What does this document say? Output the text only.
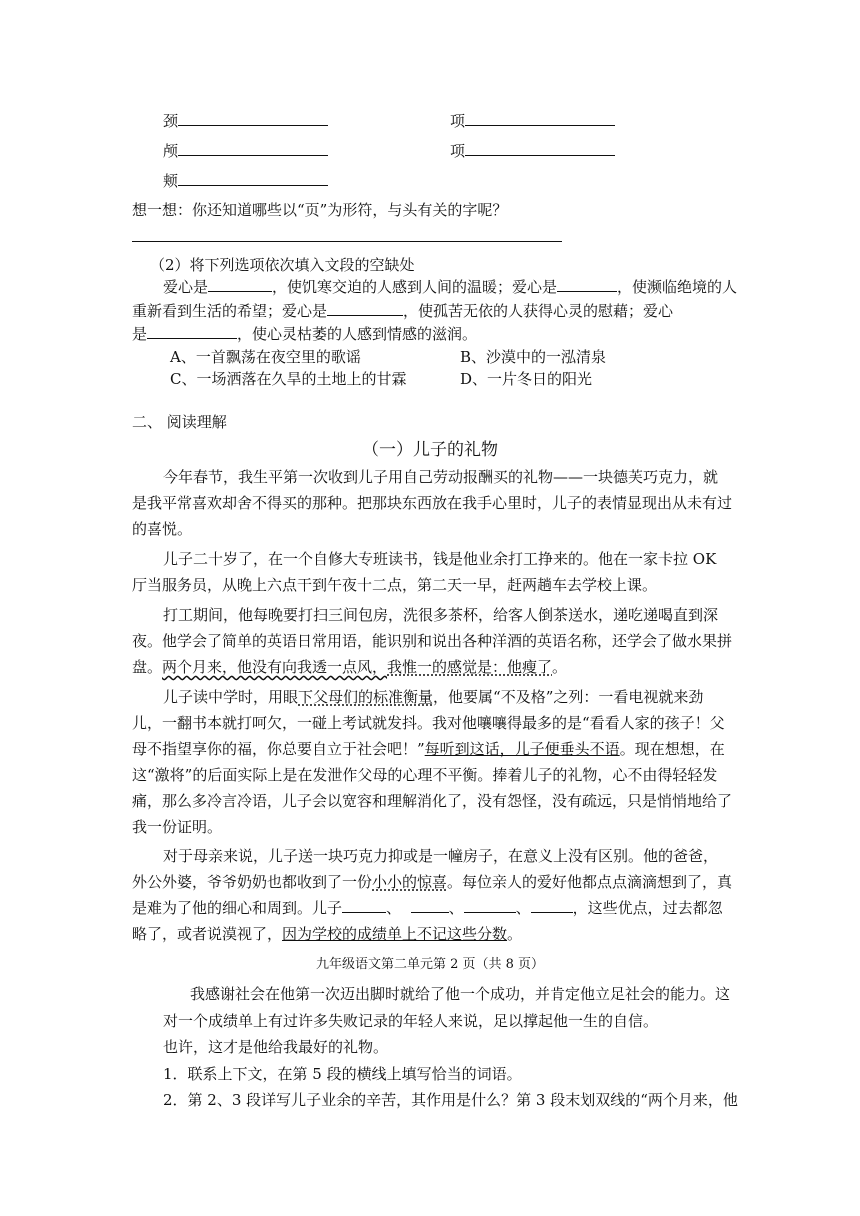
颈	项
颅	项
颊
想一想：你还知道哪些以“页”为形符，与头有关的字呢？
（2）将下列选项依次填入文段的空缺处
爱心是	，使饥寒交迫的人感到人间的温暖；爱心是	，使濒临绝境的人
重新看到生活的希望；爱心是	，使孤苦无依的人获得心灵的慰藉；爱心
是	，使心灵枯萎的人感到情感的滋润。
A、一首飘荡在夜空里的歌谣	B、沙漠中的一泓清泉
C、一场洒落在久旱的土地上的甘霖	D、一片冬日的阳光
二、 阅读理解
（一）儿子的礼物
今年春节，我生平第一次收到儿子用自己劳动报酬买的礼物——一块德芙巧克力，就
是我平常喜欢却舍不得买的那种。把那块东西放在我手心里时，儿子的表情显现出从未有过
的喜悦。
儿子二十岁了，在一个自修大专班读书，钱是他业余打工挣来的。他在一家卡拉 OK
厅当服务员，从晚上六点干到午夜十二点，第二天一早，赶两趟车去学校上课。
打工期间，他每晚要打扫三间包房，洗很多茶杯，给客人倒茶送水，递吃递喝直到深
夜。他学会了简单的英语日常用语，能识别和说出各种洋酒的英语名称，还学会了做水果拼
盘。两个月来，他没有向我透一点风，我惟一的感觉是：他瘦了。
儿子读中学时，用眼下父母们的标准衡量，他要属“不及格”之列：一看电视就来劲
儿，一翻书本就打呵欠，一碰上考试就发抖。我对他嚷嚷得最多的是“看看人家的孩子！父
母不指望享你的福，你总要自立于社会吧！”每听到这话，儿子便垂头不语。现在想想，在
这“激将”的后面实际上是在发泄作父母的心理不平衡。捧着儿子的礼物，心不由得轻轻发
痛，那么多冷言冷语，儿子会以宽容和理解消化了，没有怨怪，没有疏远，只是悄悄地给了
我一份证明。
对于母亲来说，儿子送一块巧克力抑或是一幢房子，在意义上没有区别。他的爸爸，
外公外婆，爷爷奶奶也都收到了一份小小的惊喜。每位亲人的爱好他都点点滴滴想到了，真
是难为了他的细心和周到。儿子	、	、	、	，这些优点，过去都忽
略了，或者说漠视了，因为学校的成绩单上不记这些分数。
九年级语文第二单元第 2 页（共 8 页）
我感谢社会在他第一次迈出脚时就给了他一个成功，并肯定他立足社会的能力。这
对一个成绩单上有过许多失败记录的年轻人来说，足以撑起他一生的自信。
也许，这才是他给我最好的礼物。
1．联系上下文，在第 5 段的横线上填写恰当的词语。
2．第 2、3 段详写儿子业余的辛苦，其作用是什么？第 3 段末划双线的“两个月来，他
